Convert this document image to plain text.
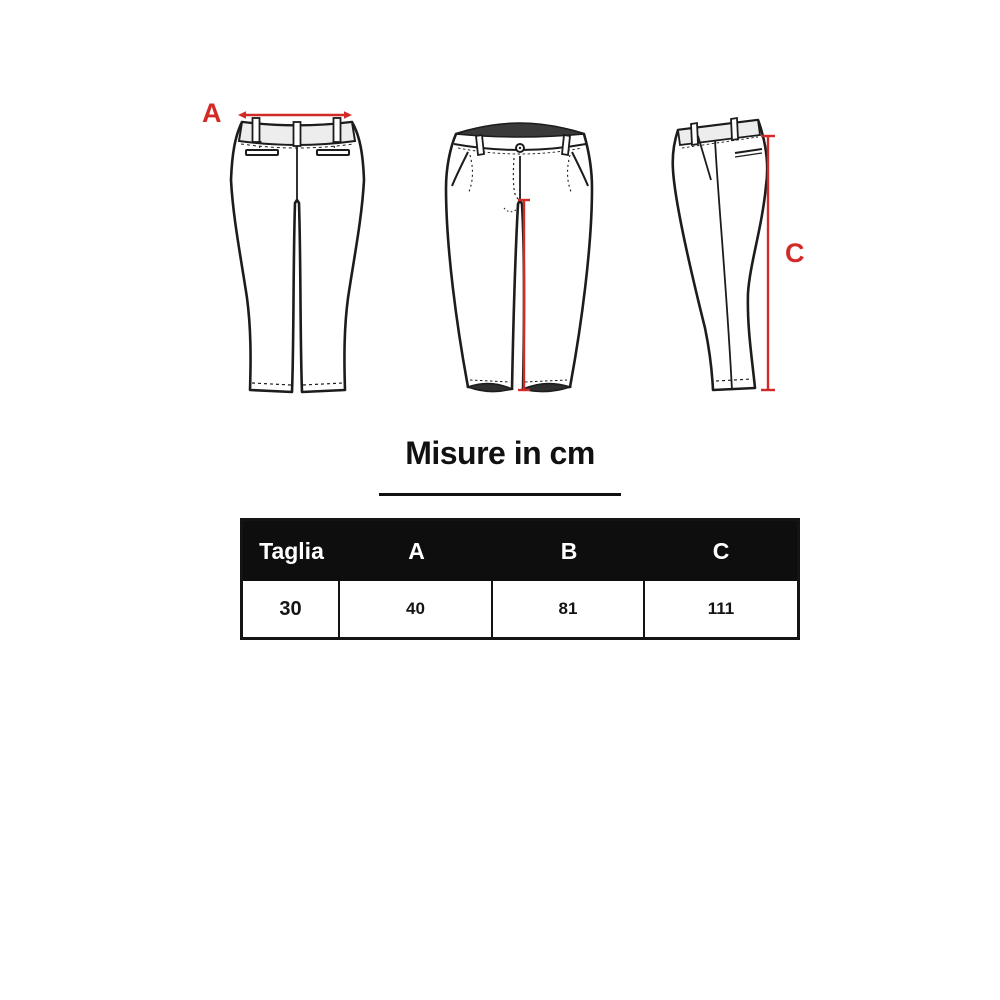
A
C
Misure in cm
Taglia	A	B	C
30	40	81	111
